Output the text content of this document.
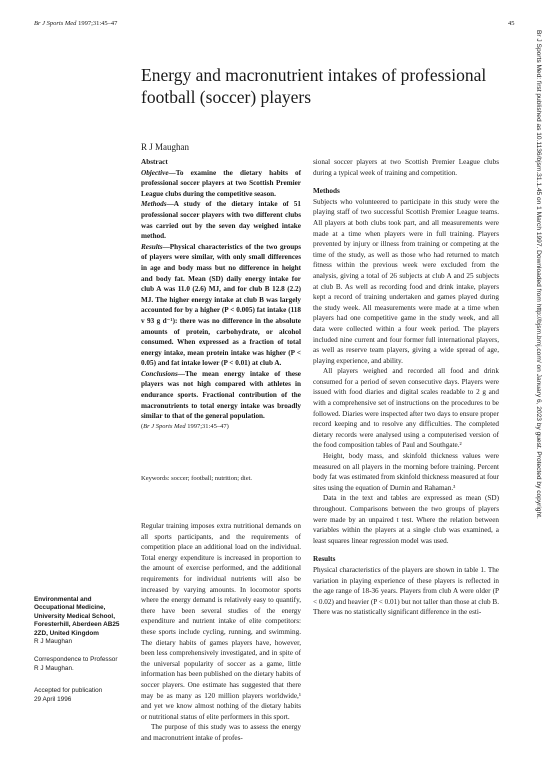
Br J Sports Med 1997;31:45–47	45
Energy and macronutrient intakes of professional football (soccer) players
R J Maughan	Br J Sports Med: first published as 10.1136/bjsm.31.1.45 on 1 March 1997. Downloaded from http://bjsm.bmj.com/ on January 6, 2023 by guest. Protected by copyright.

Abstract

Objective—To examine the dietary habits of professional soccer players at two Scottish Premier League clubs during the competitive season.

Methods—A study of the dietary intake of 51 professional soccer players with two different clubs was carried out by the seven day weighed intake method.

Results—Physical characteristics of the two groups of players were similar, with only small differences in age and body mass but no difference in height and body fat. Mean (SD) daily energy intake for club A was 11.0 (2.6) MJ, and for club B 12.8 (2.2) MJ. The higher energy intake at club B was largely accounted for by a higher (P < 0.005) fat intake (118 v 93 g d⁻¹): there was no difference in the absolute amounts of protein, carbohydrate, or alcohol consumed. When expressed as a fraction of total energy intake, mean protein intake was higher (P < 0.05) and fat intake lower (P < 0.01) at club A.

Conclusions—The mean energy intake of these players was not high compared with athletes in endurance sports. Fractional contribution of the macronutrients to total energy intake was broadly similar to that of the general population.

(Br J Sports Med 1997;31:45–47)

Keywords: soccer; football; nutrition; diet.

Regular training imposes extra nutritional demands on all sports participants, and the requirements of competition place an additional load on the individual. Total energy expenditure is increased in proportion to the amount of exercise performed, and the additional requirements for individual nutrients will also be increased by varying amounts. In locomotor sports where the energy demand is relatively easy to quantify, there have been several studies of the energy expenditure and nutrient intake of elite competitors: these sports include cycling, running, and swimming. The dietary habits of games players have, however, been less comprehensively investigated, and in spite of the universal popularity of soccer as a game, little information has been published on the dietary habits of soccer players. One estimate has suggested that there may be as many as 120 million players worldwide,¹ and yet we know almost nothing of the dietary habits or nutritional status of elite performers in this sport.

The purpose of this study was to assess the energy and macronutrient intake of profes-

sional soccer players at two Scottish Premier League clubs during a typical week of training and competition.

Methods

Subjects who volunteered to participate in this study were the playing staff of two successful Scottish Premier League teams. All players at both clubs took part, and all measurements were made at a time when players were in full training. Players prevented by injury or illness from training or competing at the time of the study, as well as those who had returned to match fitness within the previous week were excluded from the analysis, giving a total of 26 subjects at club A and 25 subjects at club B. As well as recording food and drink intake, players kept a record of training undertaken and games played during the study week. All measurements were made at a time when players had one competitive game in the study week, and all data were collected within a four week period. The players included nine current and four former full international players, as well as reserve team players, giving a wide spread of age, playing experience, and ability.

All players weighed and recorded all food and drink consumed for a period of seven consecutive days. Players were issued with food diaries and digital scales readable to 2 g and with a comprehensive set of instructions on the procedures to be followed. Diaries were inspected after two days to ensure proper record keeping and to resolve any difficulties. The completed dietary records were analysed using a computerised version of the food composition tables of Paul and Southgate.²

Height, body mass, and skinfold thickness values were measured on all players in the morning before training. Percent body fat was estimated from skinfold thickness measured at four sites using the equation of Durnin and Rahaman.³

Data in the text and tables are expressed as mean (SD) throughout. Comparisons between the two groups of players were made by an unpaired t test. Where the relation between variables within the players at a single club was examined, a least squares linear regression model was used.

Results

Physical characteristics of the players are shown in table 1. The variation in playing experience of these players is reflected in the age range of 18-36 years. Players from club A were older (P < 0.02) and heavier (P < 0.01) but not taller than those at club B. There was no statistically significant difference in the esti-

Environmental and Occupational Medicine, University Medical School, Foresterhill, Aberdeen AB25 2ZD, United Kingdom

R J Maughan

Correspondence to Professor

R J Maughan.

Accepted for publication

29 April 1996
